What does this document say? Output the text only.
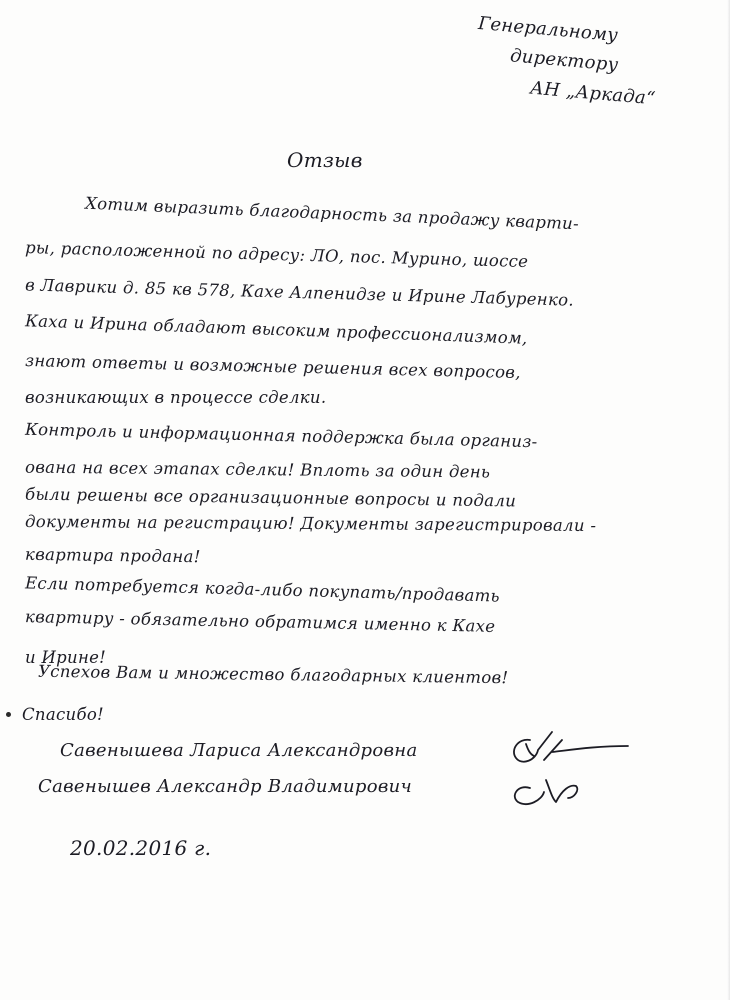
Генеральному
директору
АН „Аркада“
Отзыв
Хотим выразить благодарность за продажу кварти-
ры, расположенной по адресу: ЛО, пос. Мурино, шоссе
в Лаврики д. 85 кв 578, Кахе Алпенидзе и Ирине Лабуренко.
Каха и Ирина обладают высоким профессионализмом,
знают ответы и возможные решения всех вопросов,
возникающих в процессе сделки.
Контроль и информационная поддержка была организ-
ована на всех этапах сделки! Вплоть за один день
были решены все организационные вопросы и подали
документы на регистрацию! Документы зарегистрировали -
квартира продана!
Если потребуется когда-либо покупать/продавать
квартиру - обязательно обратимся именно к Кахе
и Ирине!
Успехов Вам и множество благодарных клиентов!
Спасибо!
Савенышева Лариса Александровна
Савенышев Александр Владимирович
20.02.2016 г.
